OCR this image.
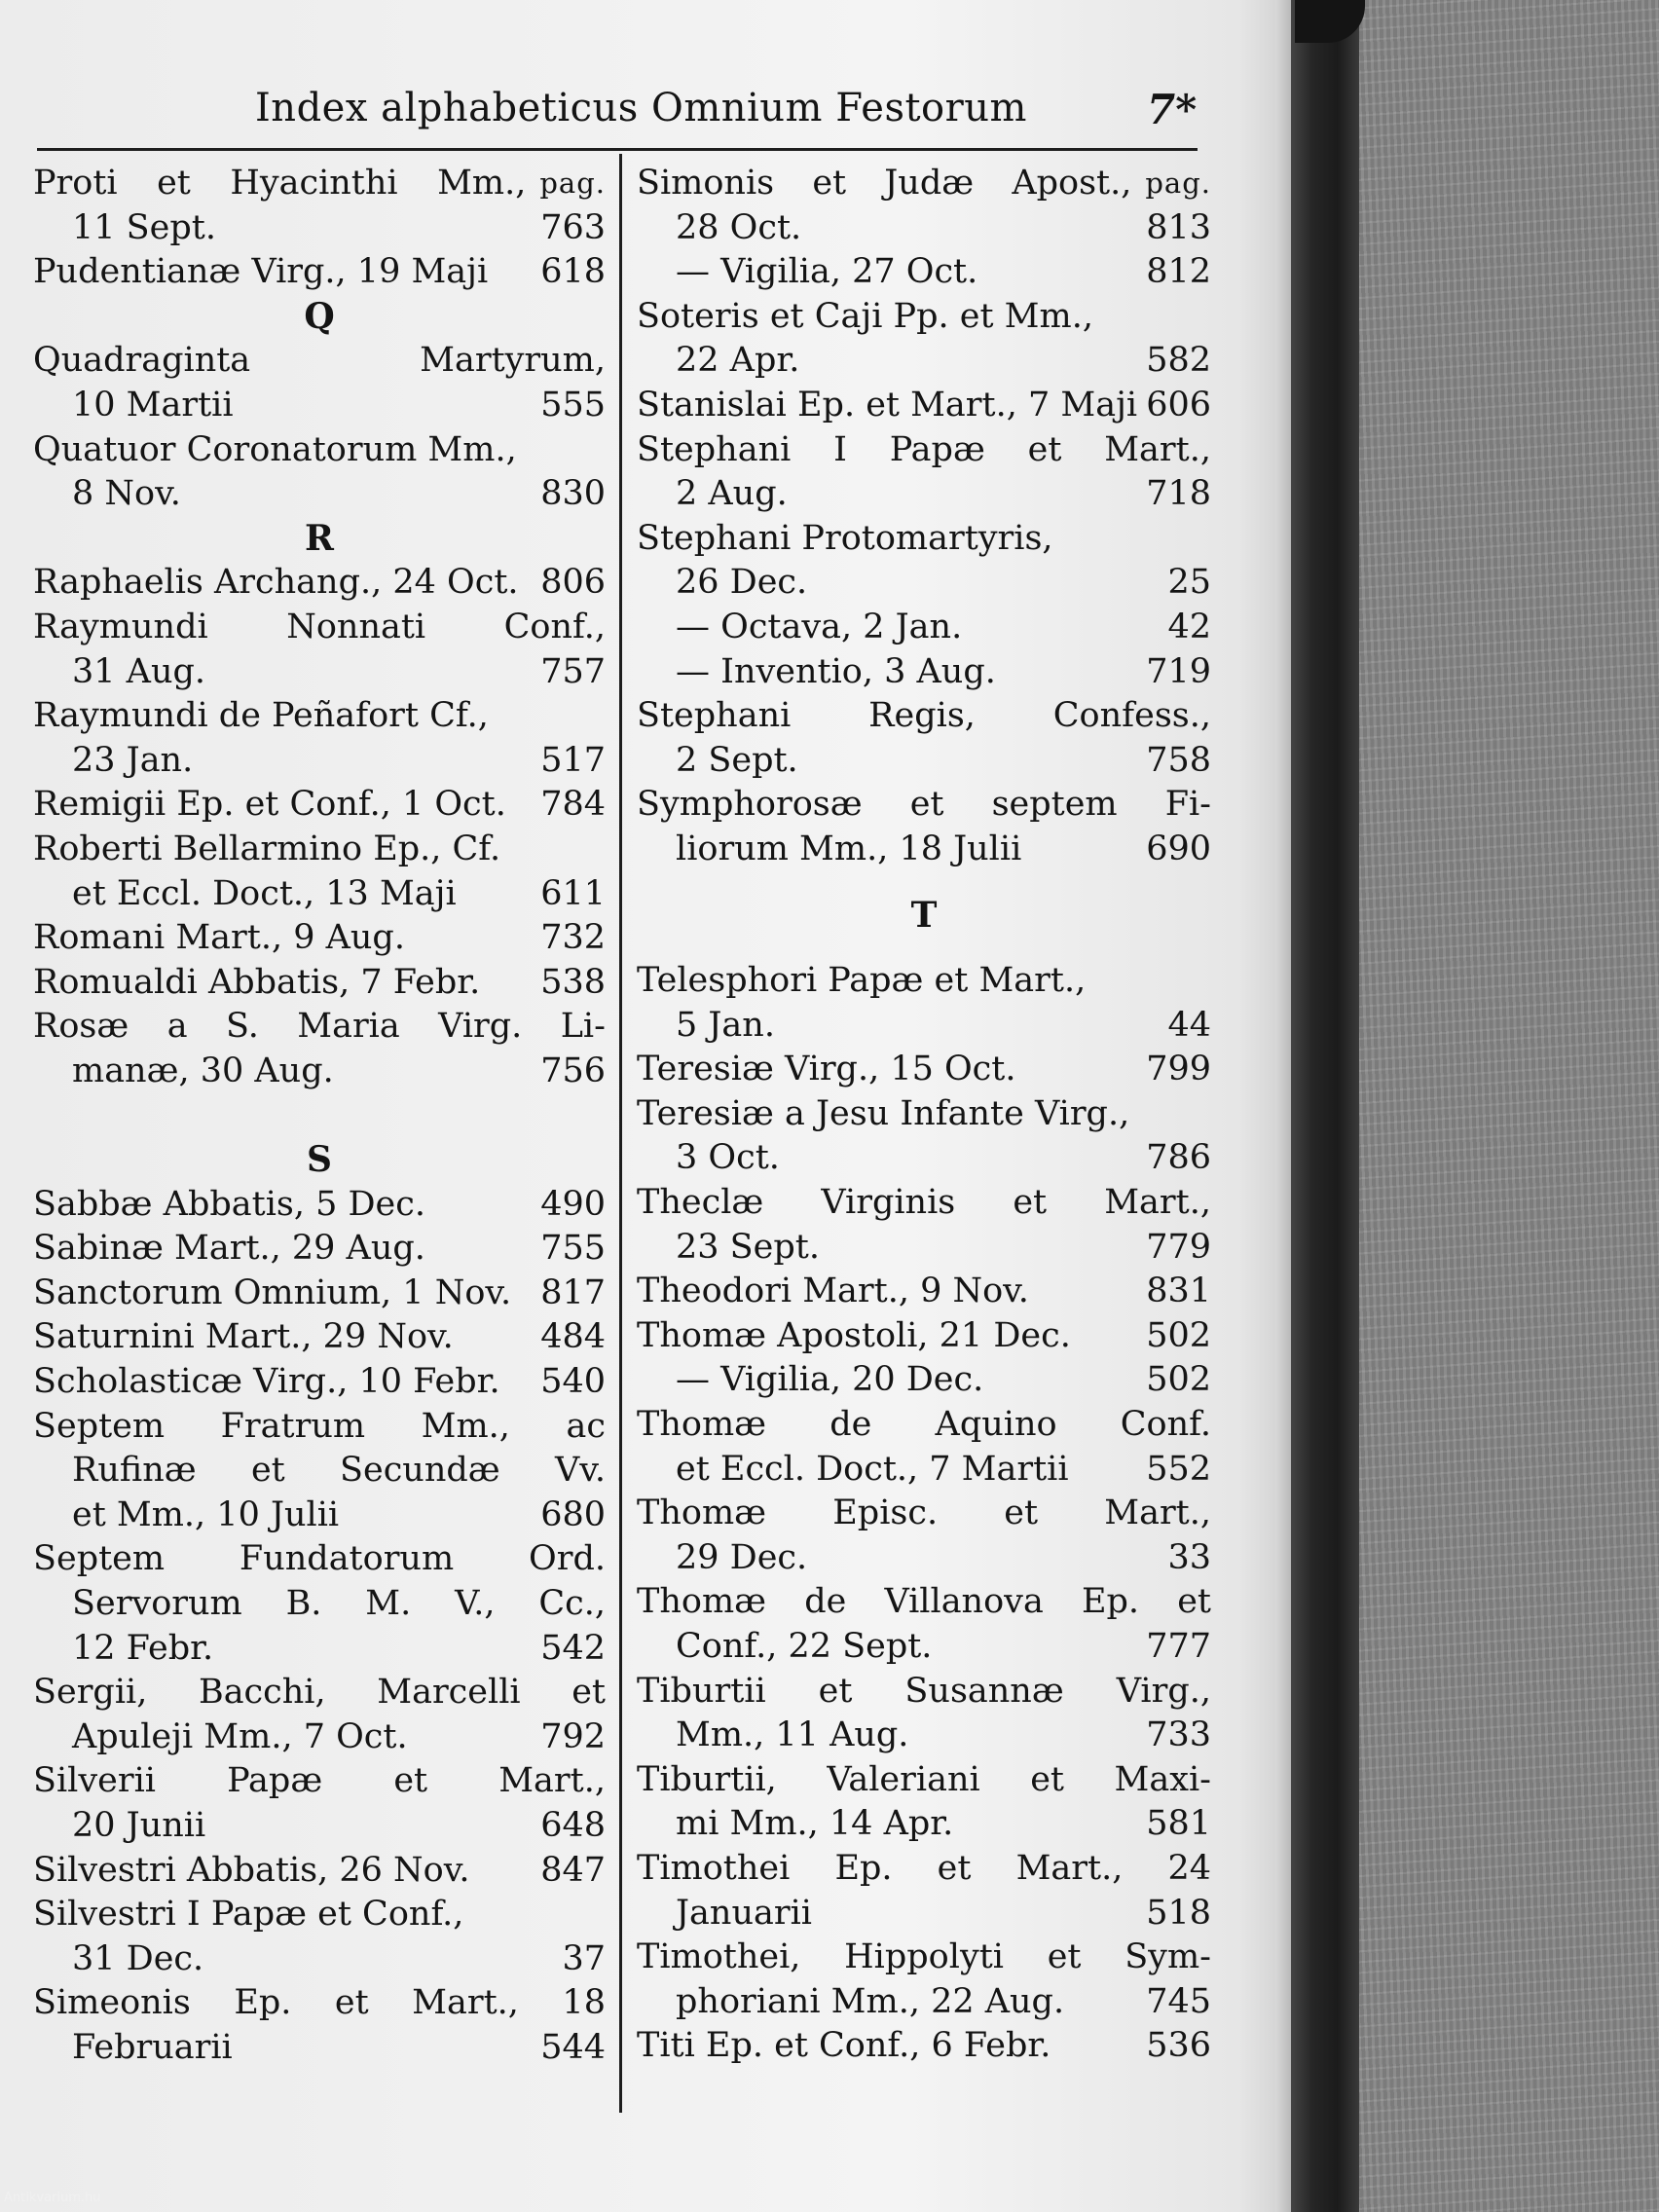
Index alphabeticus Omnium Festorum	7*
Proti et Hyacinthi Mm., pag.
11 Sept.	763
Pudentianæ Virg., 19 Maji 618
Q
Quadraginta	Martyrum,
10 Martii	555
Quatuor Coronatorum Mm.,
8 Nov.	830
R
Raphaelis Archang., 24 Oct. 806
Raymundi Nonnati Conf.,
31 Aug.	757
Raymundi de Peñafort Cf.,
23 Jan.	517
Remigii Ep. et Conf., 1 Oct. 784
Roberti Bellarmino Ep., Cf.
et Eccl. Doct., 13 Maji 611
Romani Mart., 9 Aug.	732
Romualdi Abbatis, 7 Febr. 538
Rosæ a S. Maria Virg. Li-
manæ, 30 Aug.	756
S
Sabbæ Abbatis, 5 Dec.	490
Sabinæ Mart., 29 Aug.	755
Sanctorum Omnium, 1 Nov. 817
Saturnini Mart., 29 Nov.	484
Scholasticæ Virg., 10 Febr. 540
Septem Fratrum Mm., ac
Rufinæ et Secundæ Vv.
et Mm., 10 Julii	680
Septem Fundatorum Ord.
Servorum B. M. V., Cc.,
12 Febr.	542
Sergii, Bacchi, Marcelli et
Apuleji Mm., 7 Oct.	792
Silverii Papæ et Mart.,
20 Junii	648
Silvestri Abbatis, 26 Nov. 847
Silvestri I Papæ et Conf.,
31 Dec.	37
Simeonis Ep. et Mart., 18
Februarii	544
Simonis et Judæ Apost., pag.
28 Oct.	813
— Vigilia, 27 Oct.	812
Soteris et Caji Pp. et Mm.,
22 Apr.	582
Stanislai Ep. et Mart., 7 Maji 606
Stephani I Papæ et Mart.,
2 Aug.	718
Stephani Protomartyris,
26 Dec.	25
— Octava, 2 Jan.	42
— Inventio, 3 Aug.	719
Stephani Regis, Confess.,
2 Sept.	758
Symphorosæ et septem Fi-
liorum Mm., 18 Julii	690
T
Telesphori Papæ et Mart.,
5 Jan.	44
Teresiæ Virg., 15 Oct.	799
Teresiæ a Jesu Infante Virg.,
3 Oct.	786
Theclæ Virginis et Mart.,
23 Sept.	779
Theodori Mart., 9 Nov.	831
Thomæ Apostoli, 21 Dec. 502
— Vigilia, 20 Dec.	502
Thomæ de Aquino Conf.
et Eccl. Doct., 7 Martii 552
Thomæ Episc. et Mart.,
29 Dec.	33
Thomæ de Villanova Ep. et
Conf., 22 Sept.	777
Tiburtii et Susannæ Virg.,
Mm., 11 Aug.	733
Tiburtii, Valeriani et Maxi-
mi Mm., 14 Apr.	581
Timothei Ep. et Mart., 24
Januarii	518
Timothei, Hippolyti et Sym-
phoriani Mm., 22 Aug. 745
Titi Ep. et Conf., 6 Febr.	536
Antikvarium.hu
